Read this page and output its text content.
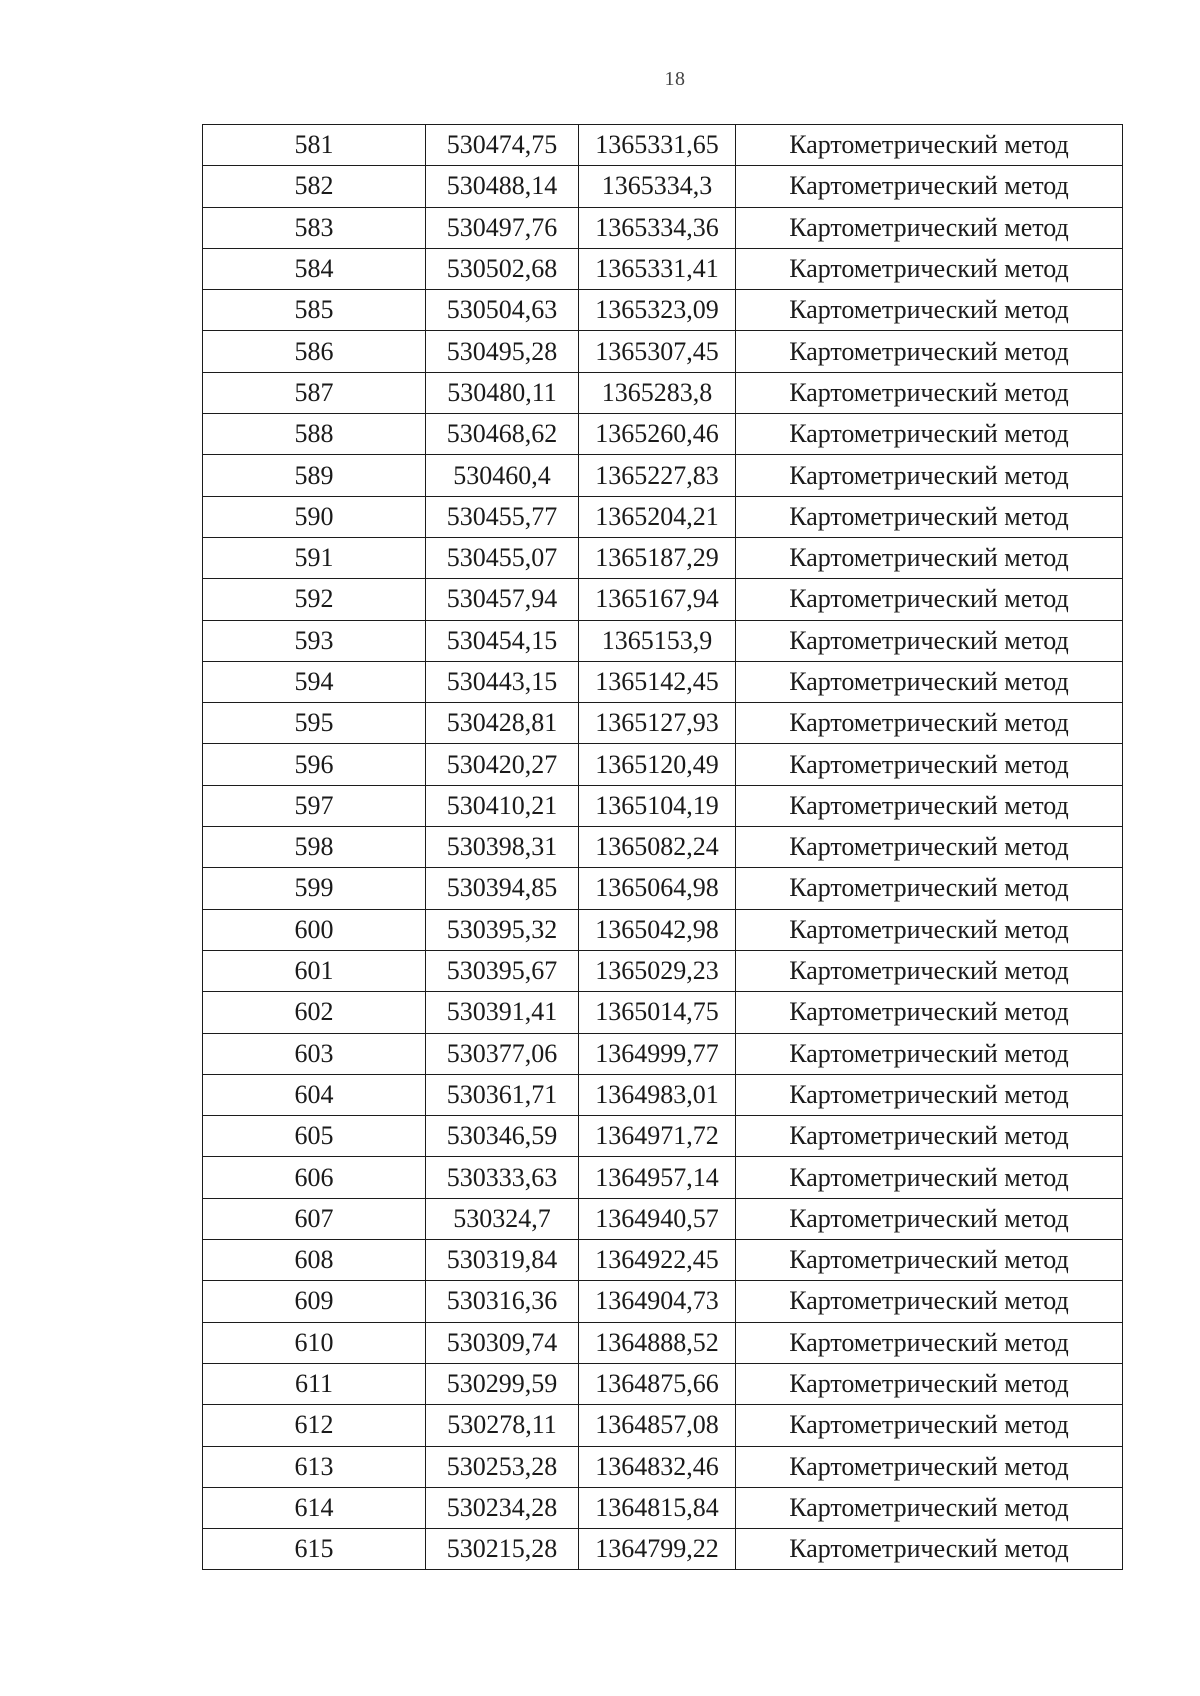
18
581	530474,75	1365331,65	Картометрический метод
582	530488,14	1365334,3	Картометрический метод
583	530497,76	1365334,36	Картометрический метод
584	530502,68	1365331,41	Картометрический метод
585	530504,63	1365323,09	Картометрический метод
586	530495,28	1365307,45	Картометрический метод
587	530480,11	1365283,8	Картометрический метод
588	530468,62	1365260,46	Картометрический метод
589	530460,4	1365227,83	Картометрический метод
590	530455,77	1365204,21	Картометрический метод
591	530455,07	1365187,29	Картометрический метод
592	530457,94	1365167,94	Картометрический метод
593	530454,15	1365153,9	Картометрический метод
594	530443,15	1365142,45	Картометрический метод
595	530428,81	1365127,93	Картометрический метод
596	530420,27	1365120,49	Картометрический метод
597	530410,21	1365104,19	Картометрический метод
598	530398,31	1365082,24	Картометрический метод
599	530394,85	1365064,98	Картометрический метод
600	530395,32	1365042,98	Картометрический метод
601	530395,67	1365029,23	Картометрический метод
602	530391,41	1365014,75	Картометрический метод
603	530377,06	1364999,77	Картометрический метод
604	530361,71	1364983,01	Картометрический метод
605	530346,59	1364971,72	Картометрический метод
606	530333,63	1364957,14	Картометрический метод
607	530324,7	1364940,57	Картометрический метод
608	530319,84	1364922,45	Картометрический метод
609	530316,36	1364904,73	Картометрический метод
610	530309,74	1364888,52	Картометрический метод
611	530299,59	1364875,66	Картометрический метод
612	530278,11	1364857,08	Картометрический метод
613	530253,28	1364832,46	Картометрический метод
614	530234,28	1364815,84	Картометрический метод
615	530215,28	1364799,22	Картометрический метод
